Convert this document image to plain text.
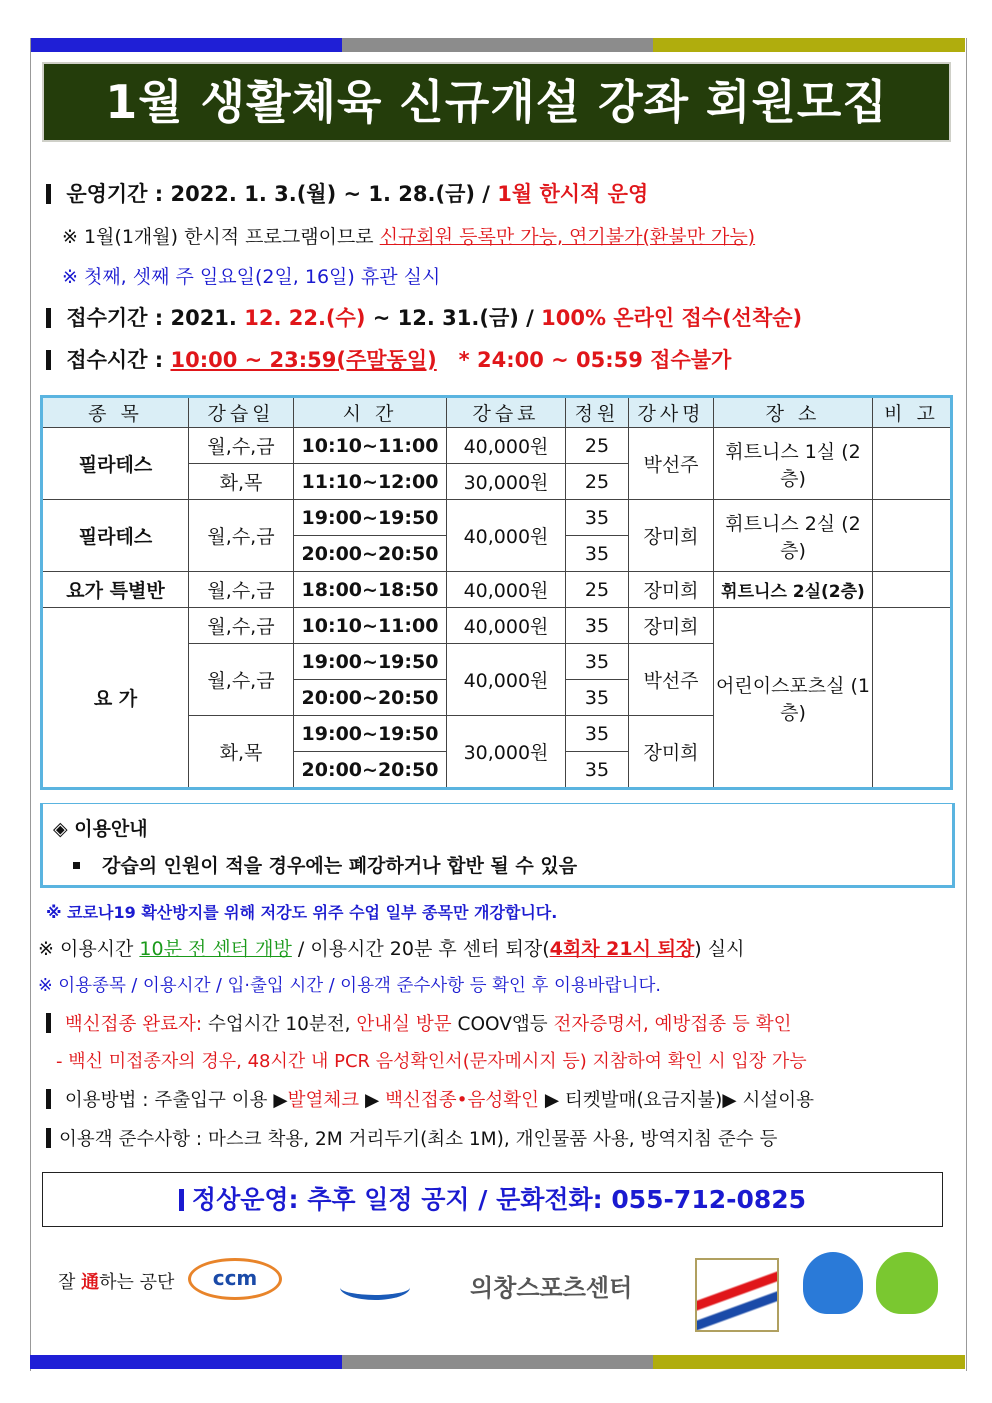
1월 생활체육 신규개설 강좌 회원모집
운영기간 : 2022. 1. 3.(월) ~ 1. 28.(금) / 1월 한시적 운영
※ 1월(1개월) 한시적 프로그램이므로 신규회원 등록만 가능, 연기불가(환불만 가능)
※ 첫째, 셋째 주 일요일(2일, 16일) 휴관 실시
접수기간 : 2021. 12. 22.(수) ~ 12. 31.(금) / 100% 온라인 접수(선착순)
접수시간 : 10:00 ~ 23:59(주말동일) * 24:00 ~ 05:59 접수불가
종 목	강습일	시 간	강습료	정원	강사명	장 소	비 고
필라테스	월,수,금	10:10~11:00	40,000원	25	박선주	휘트니스 1실 (2층)	
	화,목	11:10~12:00	30,000원	25			
필라테스	월,수,금	19:00~19:50	40,000원	35	장미희	휘트니스 2실 (2층)	
		20:00~20:50		35			
요가 특별반	월,수,금	18:00~18:50	40,000원	25	장미희	휘트니스 2실(2층)	
요 가	월,수,금	10:10~11:00	40,000원	35	장미희	어린이스포츠실 (1층)	
	월,수,금	19:00~19:50	40,000원	35	박선주		
		20:00~20:50		35			
	화,목	19:00~19:50	30,000원	35	장미희		
		20:00~20:50		35			
◈ 이용안내
강습의 인원이 적을 경우에는 폐강하거나 합반 될 수 있음
※ 코로나19 확산방지를 위해 저강도 위주 수업 일부 종목만 개강합니다.
※ 이용시간 10분 전 센터 개방 / 이용시간 20분 후 센터 퇴장(4회차 21시 퇴장) 실시
※ 이용종목 / 이용시간 / 입·출입 시간 / 이용객 준수사항 등 확인 후 이용바랍니다.
백신접종 완료자: 수업시간 10분전, 안내실 방문 COOV앱등 전자증명서, 예방접종 등 확인
- 백신 미접종자의 경우, 48시간 내 PCR 음성확인서(문자메시지 등) 지참하여 확인 시 입장 가능
이용방법 : 주출입구 이용 ▶발열체크 ▶ 백신접종•음성확인 ▶ 티켓발매(요금지불)▶ 시설이용
이용객 준수사항 : 마스크 착용, 2M 거리두기(최소 1M), 개인물품 사용, 방역지침 준수 등
정상운영: 추후 일정 공지 / 문화전화: 055-712-0825
잘 通하는 공단	ccm	의창스포츠센터
